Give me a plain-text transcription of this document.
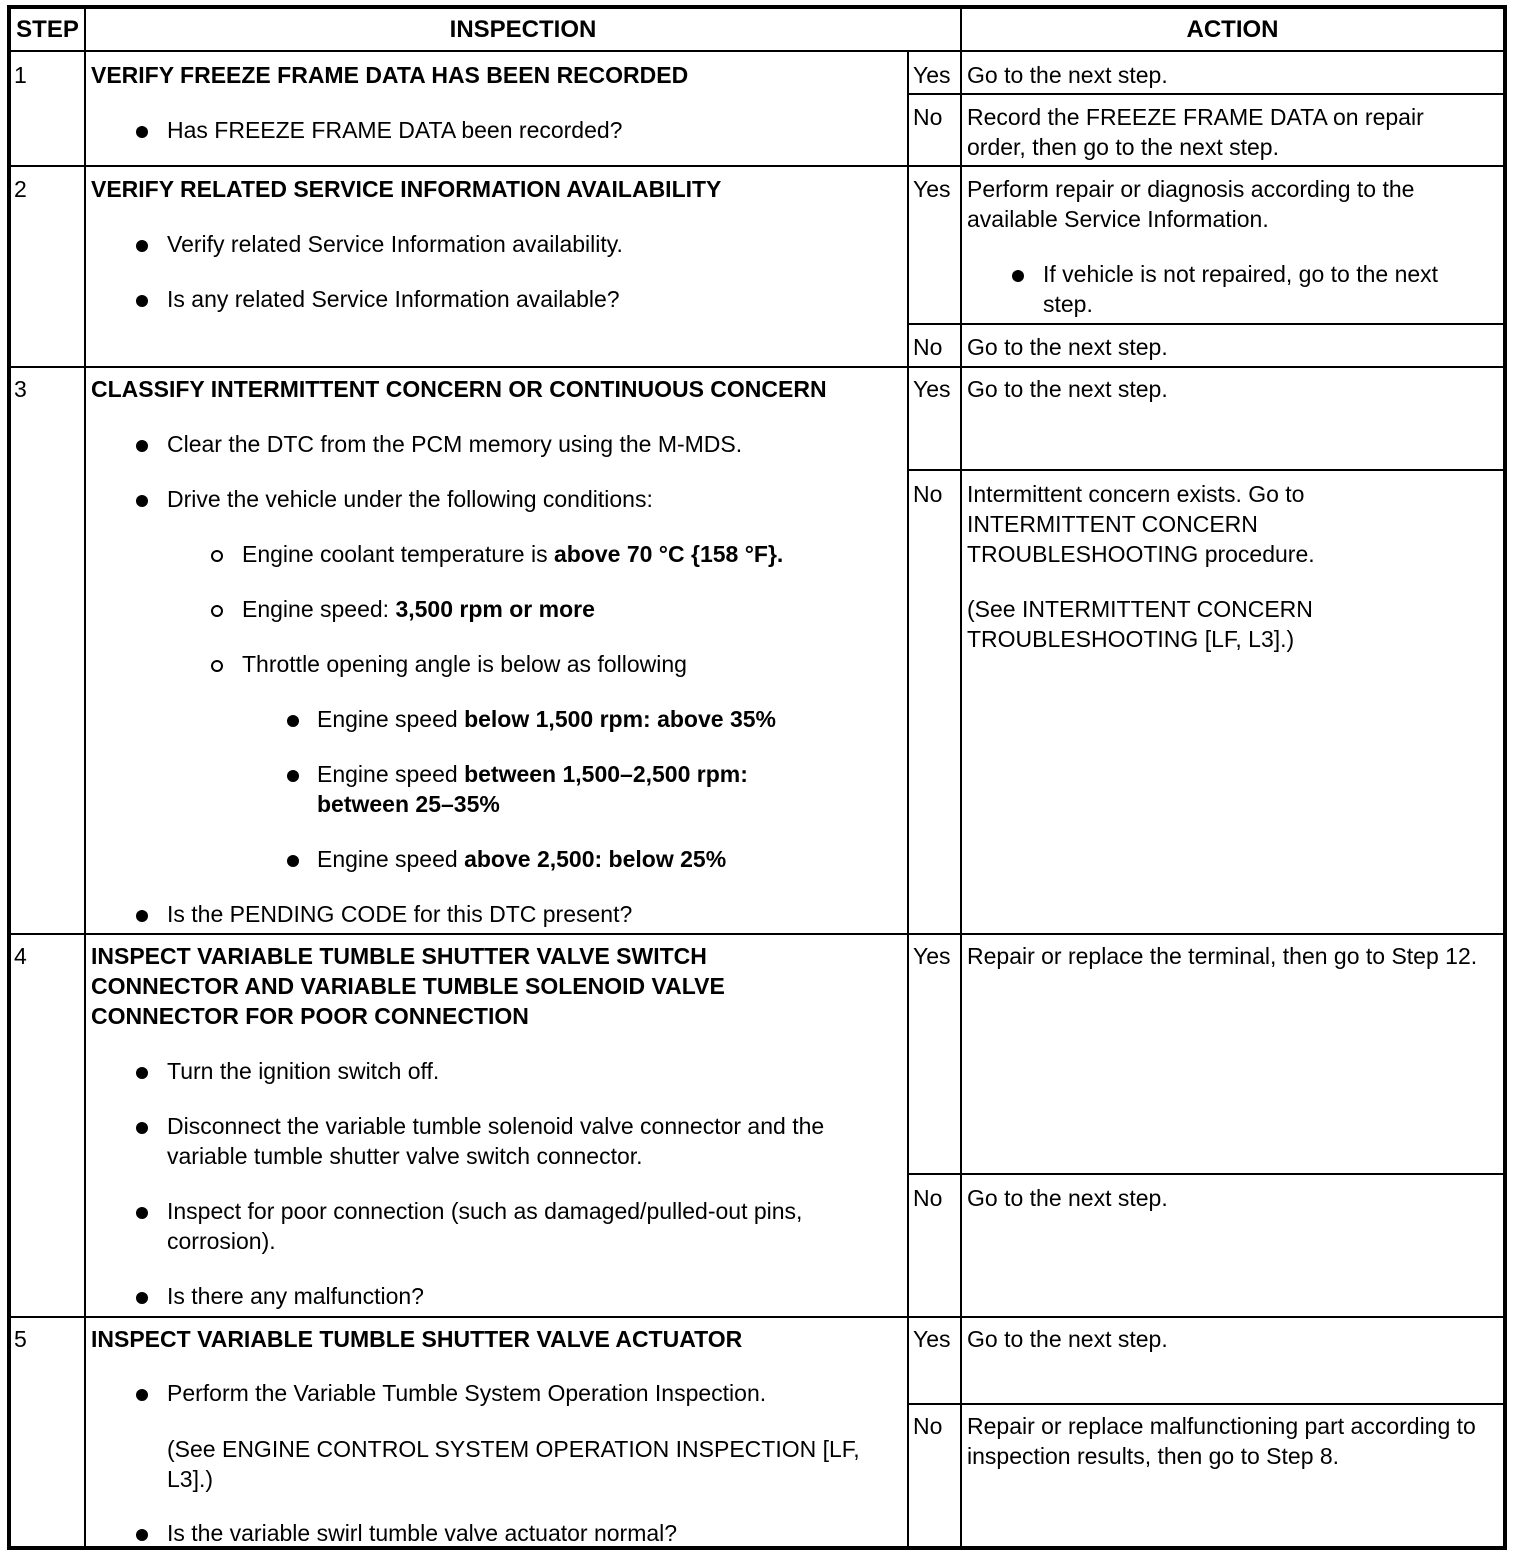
STEP	INSPECTION	ACTION
1	VERIFY FREEZE FRAME DATA HAS BEEN RECORDED
Has FREEZE FRAME DATA been recorded?
Yes Go to the next step.
No Record the FREEZE FRAME DATA on repair order, then go to the next step.
2	VERIFY RELATED SERVICE INFORMATION AVAILABILITY
Verify related Service Information availability.
Is any related Service Information available?
Yes Perform repair or diagnosis according to the available Service Information.
If vehicle is not repaired, go to the next step.
No Go to the next step.
3	CLASSIFY INTERMITTENT CONCERN OR CONTINUOUS CONCERN
Clear the DTC from the PCM memory using the M-MDS.
Drive the vehicle under the following conditions:
Engine coolant temperature is above 70 °C {158 °F}.
Engine speed: 3,500 rpm or more
Throttle opening angle is below as following
Engine speed below 1,500 rpm: above 35%
Engine speed between 1,500–2,500 rpm:
between 25–35%
Engine speed above 2,500: below 25%
Is the PENDING CODE for this DTC present?
Yes Go to the next step.
No Intermittent concern exists. Go to INTERMITTENT CONCERN TROUBLESHOOTING procedure.
(See INTERMITTENT CONCERN TROUBLESHOOTING [LF, L3].)
4	INSPECT VARIABLE TUMBLE SHUTTER VALVE SWITCH CONNECTOR AND VARIABLE TUMBLE SOLENOID VALVE CONNECTOR FOR POOR CONNECTION
Turn the ignition switch off.
Disconnect the variable tumble solenoid valve connector and the variable tumble shutter valve switch connector.
Inspect for poor connection (such as damaged/pulled-out pins, corrosion).
Is there any malfunction?
Yes Repair or replace the terminal, then go to Step 12.
No Go to the next step.
5	INSPECT VARIABLE TUMBLE SHUTTER VALVE ACTUATOR
Perform the Variable Tumble System Operation Inspection.
(See ENGINE CONTROL SYSTEM OPERATION INSPECTION [LF, L3].)
Is the variable swirl tumble valve actuator normal?
Yes Go to the next step.
No Repair or replace malfunctioning part according to inspection results, then go to Step 8.
